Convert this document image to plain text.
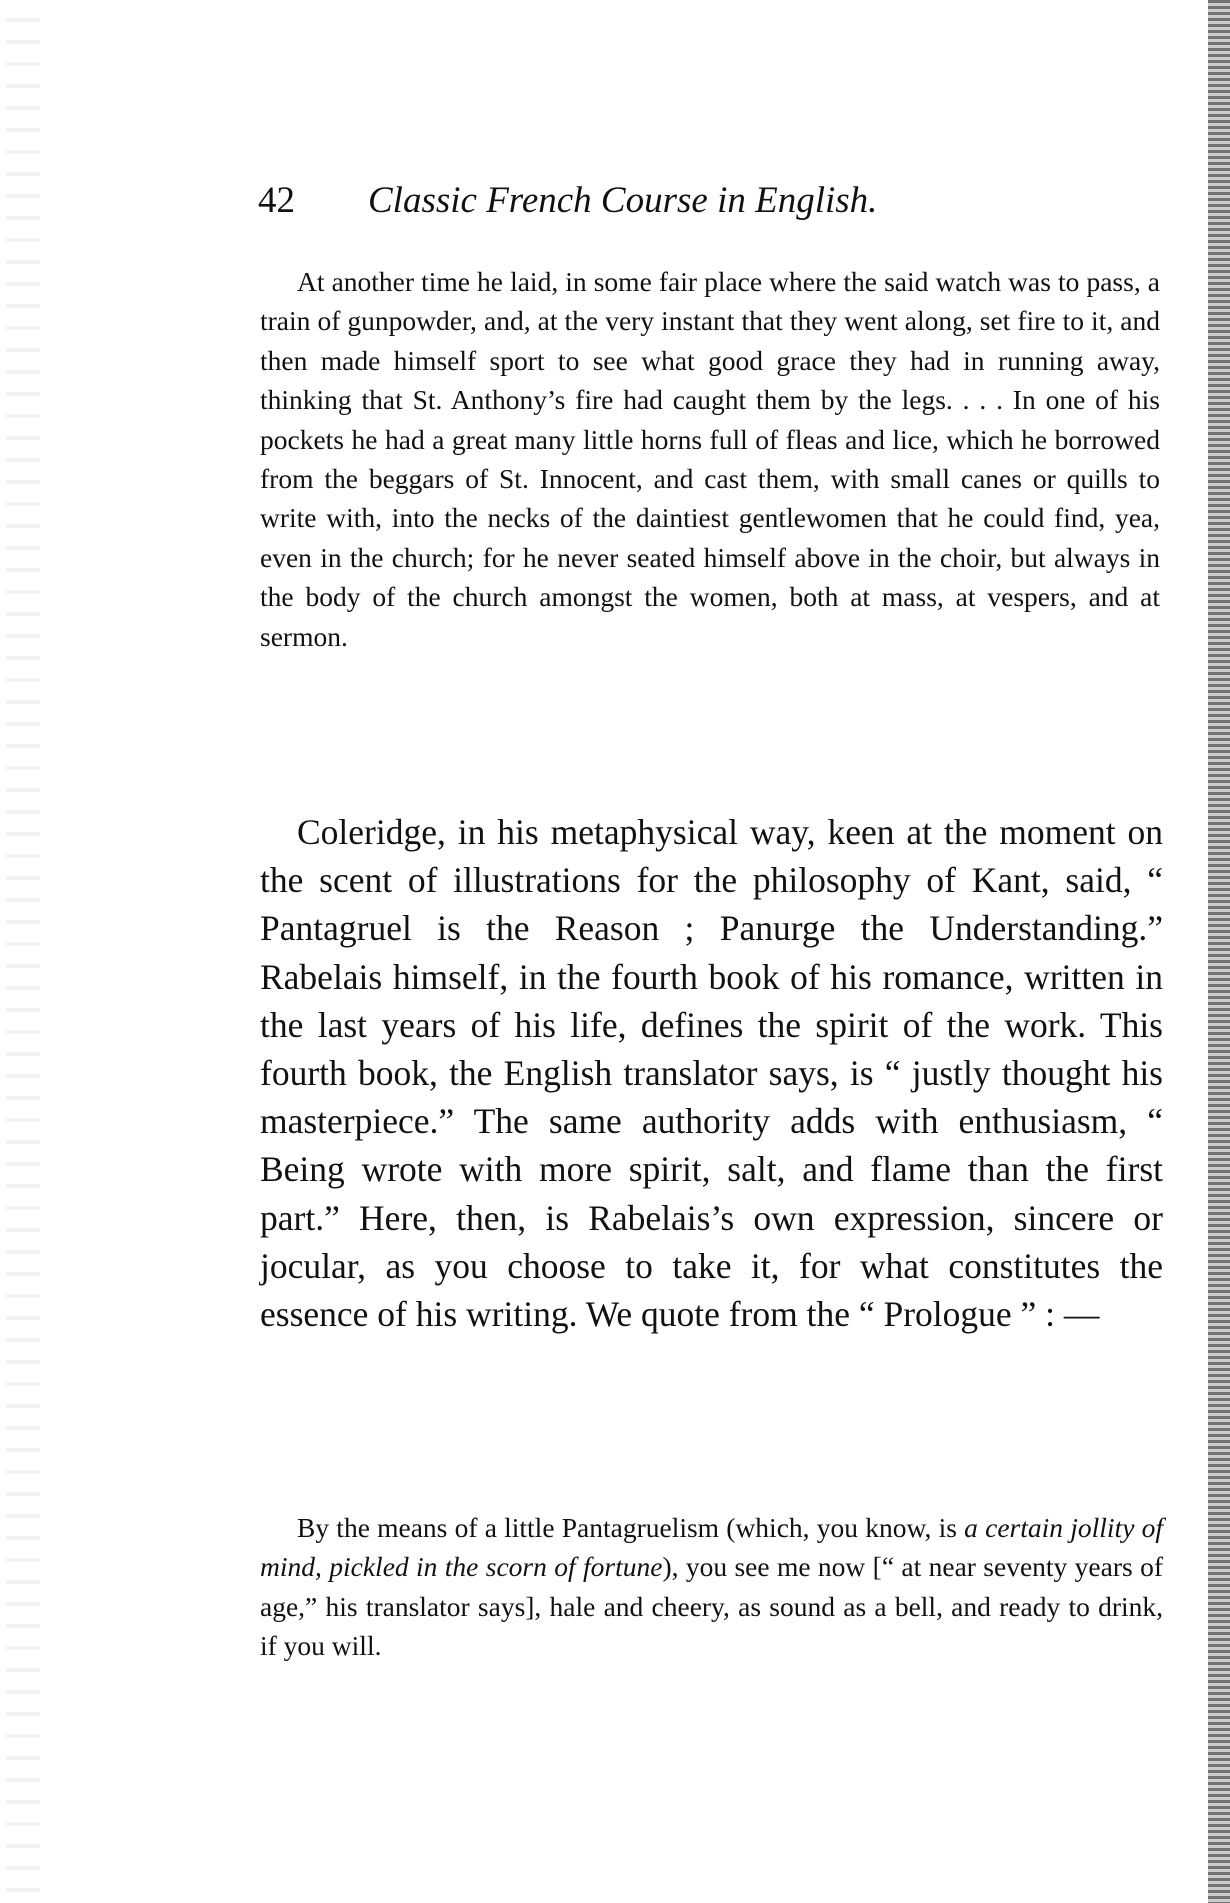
42 Classic French Course in English.

At another time he laid, in some fair place where the said watch was to pass, a train of gunpowder, and, at the very instant that they went along, set fire to it, and then made himself sport to see what good grace they had in running away, thinking that St. Anthony’s fire had caught them by the legs. . . . In one of his pockets he had a great many little horns full of fleas and lice, which he borrowed from the beggars of St. Innocent, and cast them, with small canes or quills to write with, into the necks of the daintiest gentlewomen that he could find, yea, even in the church; for he never seated himself above in the choir, but always in the body of the church amongst the women, both at mass, at vespers, and at sermon.

Coleridge, in his metaphysical way, keen at the moment on the scent of illustrations for the philosophy of Kant, said, “ Pantagruel is the Reason ; Panurge the Understanding.” Rabelais himself, in the fourth book of his romance, written in the last years of his life, defines the spirit of the work. This fourth book, the English translator says, is “ justly thought his masterpiece.” The same authority adds with enthusiasm, “ Being wrote with more spirit, salt, and flame than the first part.” Here, then, is Rabelais’s own expression, sincere or jocular, as you choose to take it, for what constitutes the essence of his writing. We quote from the “ Prologue ” : —

By the means of a little Pantagruelism (which, you know, is a certain jollity of mind, pickled in the scorn of fortune), you see me now [“ at near seventy years of age,” his translator says], hale and cheery, as sound as a bell, and ready to drink, if you will.
